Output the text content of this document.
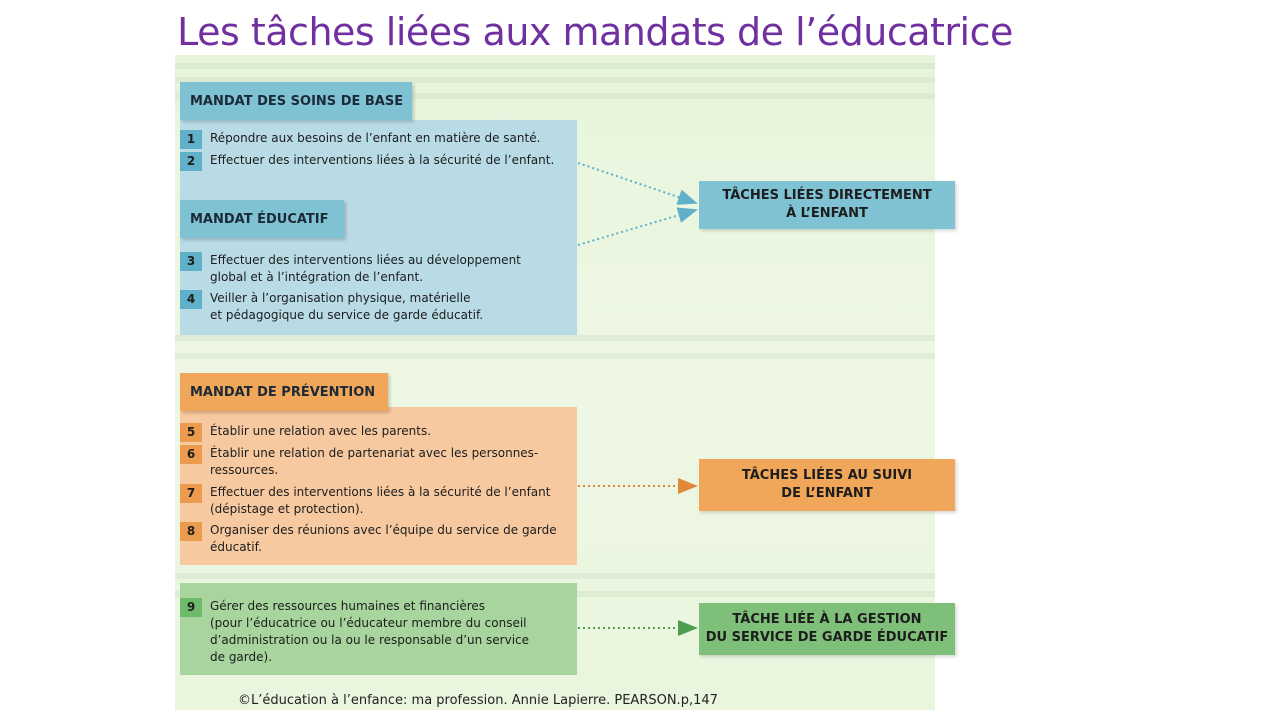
Les tâches liées aux mandats de l’éducatrice
MANDAT DES SOINS DE BASE
MANDAT ÉDUCATIF
MANDAT DE PRÉVENTION
1	Répondre aux besoins de l’enfant en matière de santé.
2	Effectuer des interventions liées à la sécurité de l’enfant.
3	Effectuer des interventions liées au développement
global et à l’intégration de l’enfant.
4	Veiller à l’organisation physique, matérielle
et pédagogique du service de garde éducatif.
5	Établir une relation avec les parents.
6	Établir une relation de partenariat avec les personnes-
ressources.
7	Effectuer des interventions liées à la sécurité de l’enfant
(dépistage et protection).
8	Organiser des réunions avec l’équipe du service de garde
éducatif.
9	Gérer des ressources humaines et financières
(pour l’éducatrice ou l’éducateur membre du conseil
d’administration ou la ou le responsable d’un service
de garde).
TÂCHES LIÉES DIRECTEMENT
À L’ENFANT
TÂCHES LIÉES AU SUIVI
DE L’ENFANT
TÂCHE LIÉE À LA GESTION
DU SERVICE DE GARDE ÉDUCATIF
©L’éducation à l’enfance: ma profession. Annie Lapierre. PEARSON.p,147
